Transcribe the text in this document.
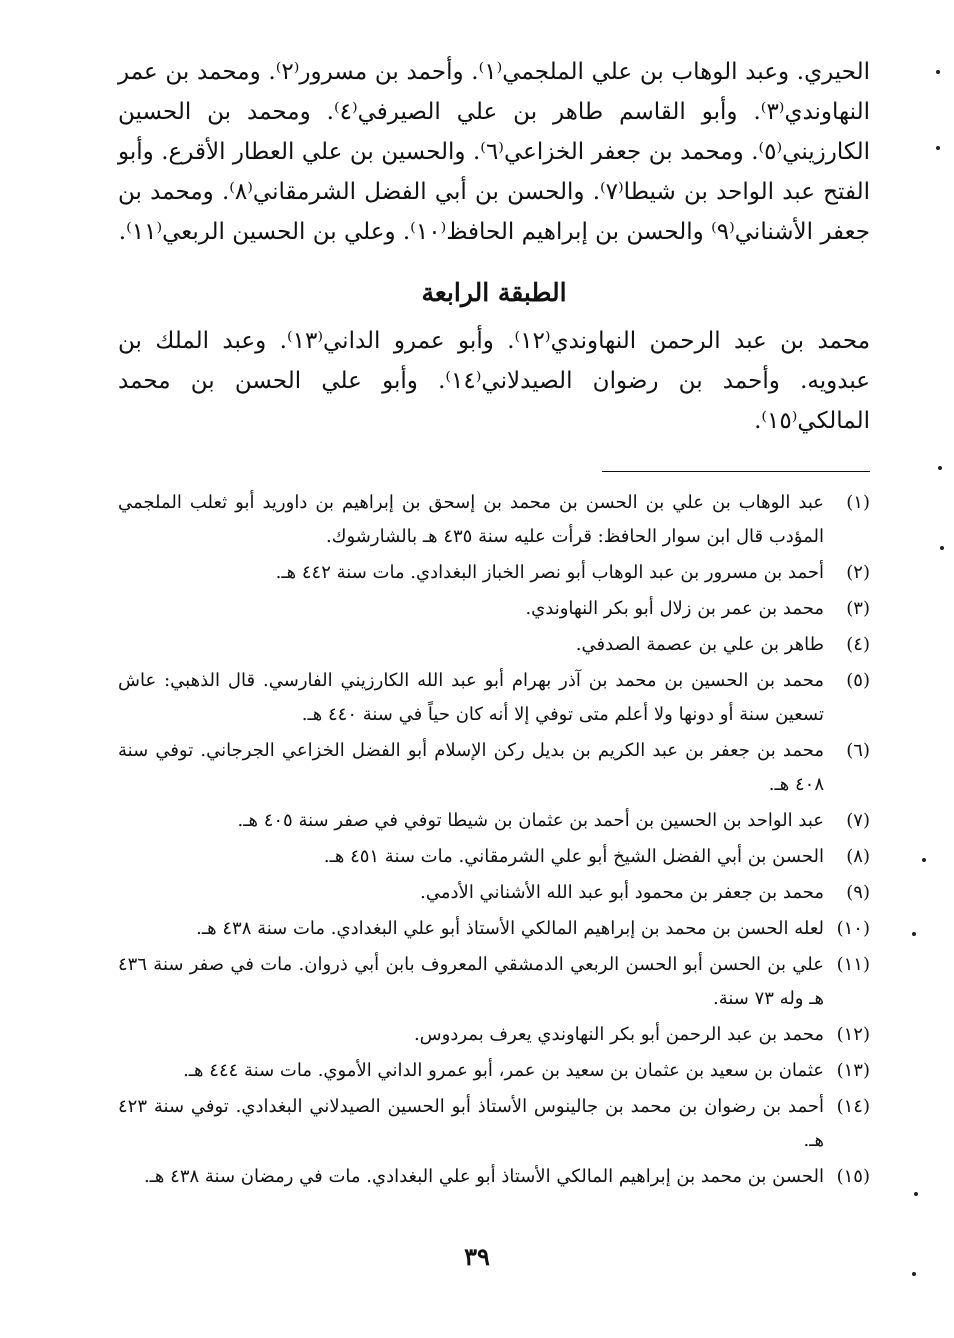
الحيري. وعبد الوهاب بن علي الملجمي⁽١⁾. وأحمد بن مسرور⁽٢⁾. ومحمد بن عمر النهاوندي⁽٣⁾. وأبو القاسم طاهر بن علي الصيرفي⁽٤⁾. ومحمد بن الحسين الكارزيني⁽٥⁾. ومحمد بن جعفر الخزاعي⁽٦⁾. والحسين بن علي العطار الأقرع. وأبو الفتح عبد الواحد بن شيطا⁽٧⁾. والحسن بن أبي الفضل الشرمقاني⁽٨⁾. ومحمد بن جعفر الأشناني⁽٩⁾ والحسن بن إبراهيم الحافظ⁽١٠⁾. وعلي بن الحسين الربعي⁽١١⁾.

الطبقة الرابعة

محمد بن عبد الرحمن النهاوندي⁽١٢⁾. وأبو عمرو الداني⁽١٣⁾. وعبد الملك بن عبدويه. وأحمد بن رضوان الصيدلاني⁽١٤⁾. وأبو علي الحسن بن محمد المالكي⁽١٥⁾.

(١)
عبد الوهاب بن علي بن الحسن بن محمد بن إسحق بن إبراهيم بن داوريد أبو ثعلب الملجمي المؤدب قال ابن سوار الحافظ: قرأت عليه سنة ٤٣٥ هـ بالشارشوك.
(٢)
أحمد بن مسرور بن عبد الوهاب أبو نصر الخباز البغدادي. مات سنة ٤٤٢ هـ.
(٣)
محمد بن عمر بن زلال أبو بكر النهاوندي.
(٤)
طاهر بن علي بن عصمة الصدفي.
(٥)
محمد بن الحسين بن محمد بن آذر بهرام أبو عبد الله الكارزيني الفارسي. قال الذهبي: عاش تسعين سنة أو دونها ولا أعلم متى توفي إلا أنه كان حياً في سنة ٤٤٠ هـ.
(٦)
محمد بن جعفر بن عبد الكريم بن بديل ركن الإسلام أبو الفضل الخزاعي الجرجاني. توفي سنة ٤٠٨ هـ.
(٧)
عبد الواحد بن الحسين بن أحمد بن عثمان بن شيطا توفي في صفر سنة ٤٠٥ هـ.
(٨)
الحسن بن أبي الفضل الشيخ أبو علي الشرمقاني. مات سنة ٤٥١ هـ.
(٩)
محمد بن جعفر بن محمود أبو عبد الله الأشناني الأدمي.
(١٠)
لعله الحسن بن محمد بن إبراهيم المالكي الأستاذ أبو علي البغدادي. مات سنة ٤٣٨ هـ.
(١١)
علي بن الحسن أبو الحسن الربعي الدمشقي المعروف بابن أبي ذروان. مات في صفر سنة ٤٣٦ هـ وله ٧٣ سنة.
(١٢)
محمد بن عبد الرحمن أبو بكر النهاوندي يعرف بمردوس.
(١٣)
عثمان بن سعيد بن عثمان بن سعيد بن عمر، أبو عمرو الداني الأموي. مات سنة ٤٤٤ هـ.
(١٤)
أحمد بن رضوان بن محمد بن جالينوس الأستاذ أبو الحسين الصيدلاني البغدادي. توفي سنة ٤٢٣ هـ.
(١٥)
الحسن بن محمد بن إبراهيم المالكي الأستاذ أبو علي البغدادي. مات في رمضان سنة ٤٣٨ هـ.
٣٩
